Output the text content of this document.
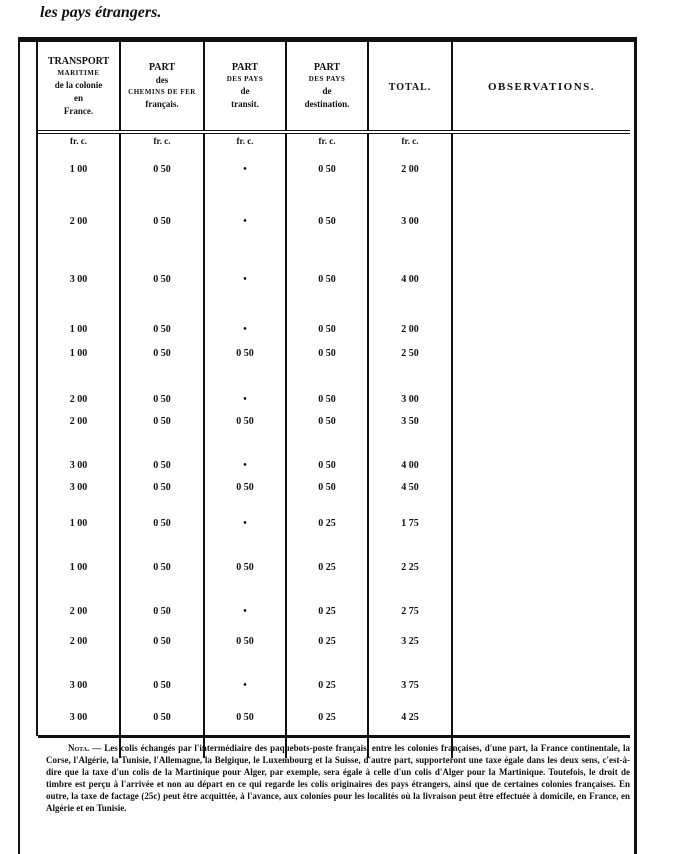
les pays étrangers.
TRANSPORT
MARITIME
de la colonie
en
France.	PART
des
CHEMINS DE FER
français.	PART
DES PAYS
de
transit.	PART
DES PAYS
de
destination.	TOTAL.	OBSERVATIONS.
fr. c.	fr. c.	fr. c.	fr. c.	fr. c.	
1 00	0 50	•	0 50	2 00	
2 00	0 50	•	0 50	3 00	
3 00	0 50	•	0 50	4 00	
1 00	0 50	•	0 50	2 00	
1 00	0 50	0 50	0 50	2 50	
2 00	0 50	•	0 50	3 00	
2 00	0 50	0 50	0 50	3 50	
3 00	0 50	•	0 50	4 00	
3 00	0 50	0 50	0 50	4 50	
1 00	0 50	•	0 25	1 75	
1 00	0 50	0 50	0 25	2 25	
2 00	0 50	•	0 25	2 75	
2 00	0 50	0 50	0 25	3 25	
3 00	0 50	•	0 25	3 75	
3 00	0 50	0 50	0 25	4 25	
Nota. — Les colis échangés par l'intermédiaire des paquebots-poste français, entre les colonies françaises, d'une part, la France continentale, la Corse, l'Algérie, la Tunisie, l'Allemagne, la Belgique, le Luxembourg et la Suisse, d'autre part, supporteront une taxe égale dans les deux sens, c'est-à-dire que la taxe d'un colis de la Martinique pour Alger, par exemple, sera égale à celle d'un colis d'Alger pour la Martinique. Toutefois, le droit de timbre est perçu à l'arrivée et non au départ en ce qui regarde les colis originaires des pays étrangers, ainsi que de certaines colonies françaises. En outre, la taxe de factage (25c) peut être acquittée, à l'avance, aux colonies pour les localités où la livraison peut être effectuée à domicile, en France, en Algérie et en Tunisie.
